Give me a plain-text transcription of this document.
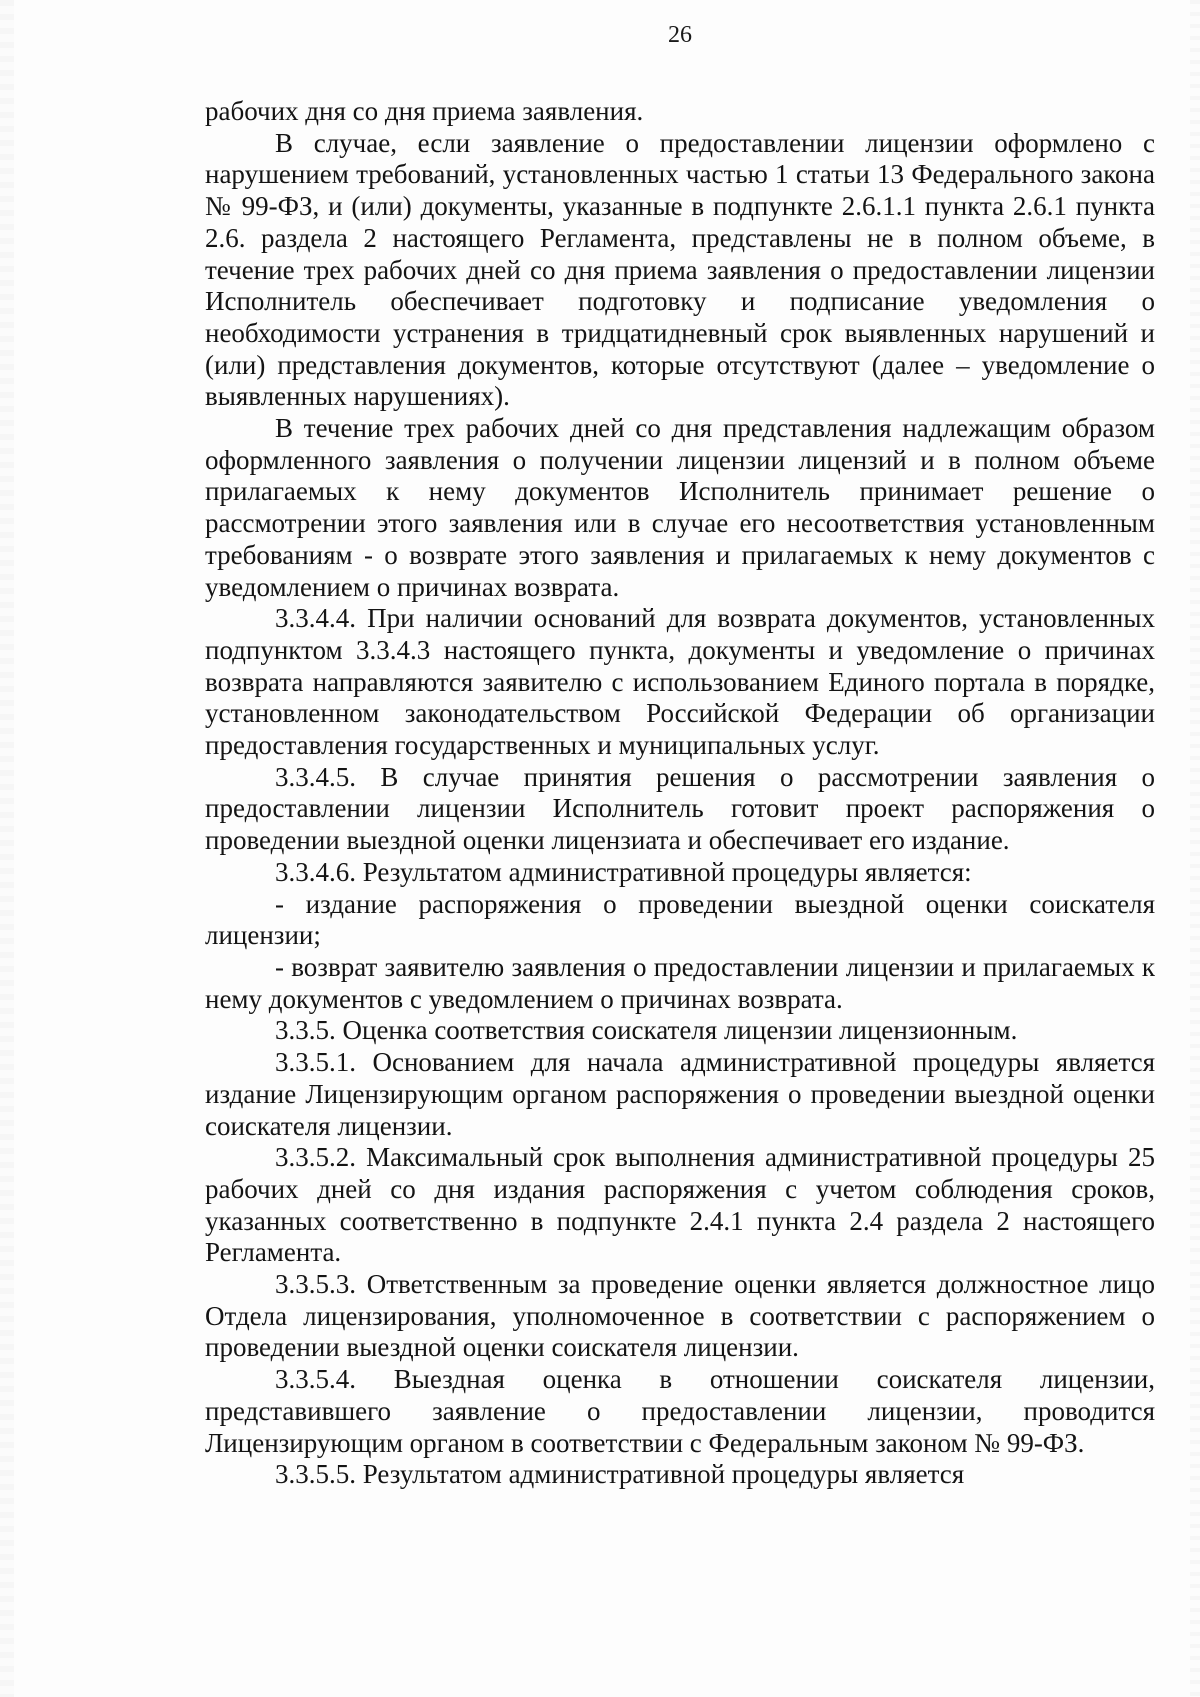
26

рабочих дня со дня приема заявления.

В случае, если заявление о предоставлении лицензии оформлено с нарушением требований, установленных частью 1 статьи 13 Федерального закона № 99-ФЗ, и (или) документы, указанные в подпункте 2.6.1.1 пункта 2.6.1 пункта 2.6. раздела 2 настоящего Регламента, представлены не в полном объеме, в течение трех рабочих дней со дня приема заявления о предоставлении лицензии Исполнитель обеспечивает подготовку и подписание уведомления о необходимости устранения в тридцатидневный срок выявленных нарушений и (или) представления документов, которые отсутствуют (далее – уведомление о выявленных нарушениях).

В течение трех рабочих дней со дня представления надлежащим образом оформленного заявления о получении лицензии лицензий и в полном объеме прилагаемых к нему документов Исполнитель принимает решение о рассмотрении этого заявления или в случае его несоответствия установленным требованиям - о возврате этого заявления и прилагаемых к нему документов с уведомлением о причинах возврата.

3.3.4.4. При наличии оснований для возврата документов, установленных подпунктом 3.3.4.3 настоящего пункта, документы и уведомление о причинах возврата направляются заявителю с использованием Единого портала в порядке, установленном законодательством Российской Федерации об организации предоставления государственных и муниципальных услуг.

3.3.4.5. В случае принятия решения о рассмотрении заявления о предоставлении лицензии Исполнитель готовит проект распоряжения о проведении выездной оценки лицензиата и обеспечивает его издание.

3.3.4.6. Результатом административной процедуры является:

- издание распоряжения о проведении выездной оценки соискателя лицензии;

- возврат заявителю заявления о предоставлении лицензии и прилагаемых к нему документов с уведомлением о причинах возврата.

3.3.5. Оценка соответствия соискателя лицензии лицензионным.

3.3.5.1. Основанием для начала административной процедуры является издание Лицензирующим органом распоряжения о проведении выездной оценки соискателя лицензии.

3.3.5.2. Максимальный срок выполнения административной процедуры 25 рабочих дней со дня издания распоряжения с учетом соблюдения сроков, указанных соответственно в подпункте 2.4.1 пункта 2.4 раздела 2 настоящего Регламента.

3.3.5.3. Ответственным за проведение оценки является должностное лицо Отдела лицензирования, уполномоченное в соответствии с распоряжением о проведении выездной оценки соискателя лицензии.

3.3.5.4. Выездная оценка в отношении соискателя лицензии, представившего заявление о предоставлении лицензии, проводится Лицензирующим органом в соответствии с Федеральным законом № 99-ФЗ.

3.3.5.5. Результатом административной процедуры является
